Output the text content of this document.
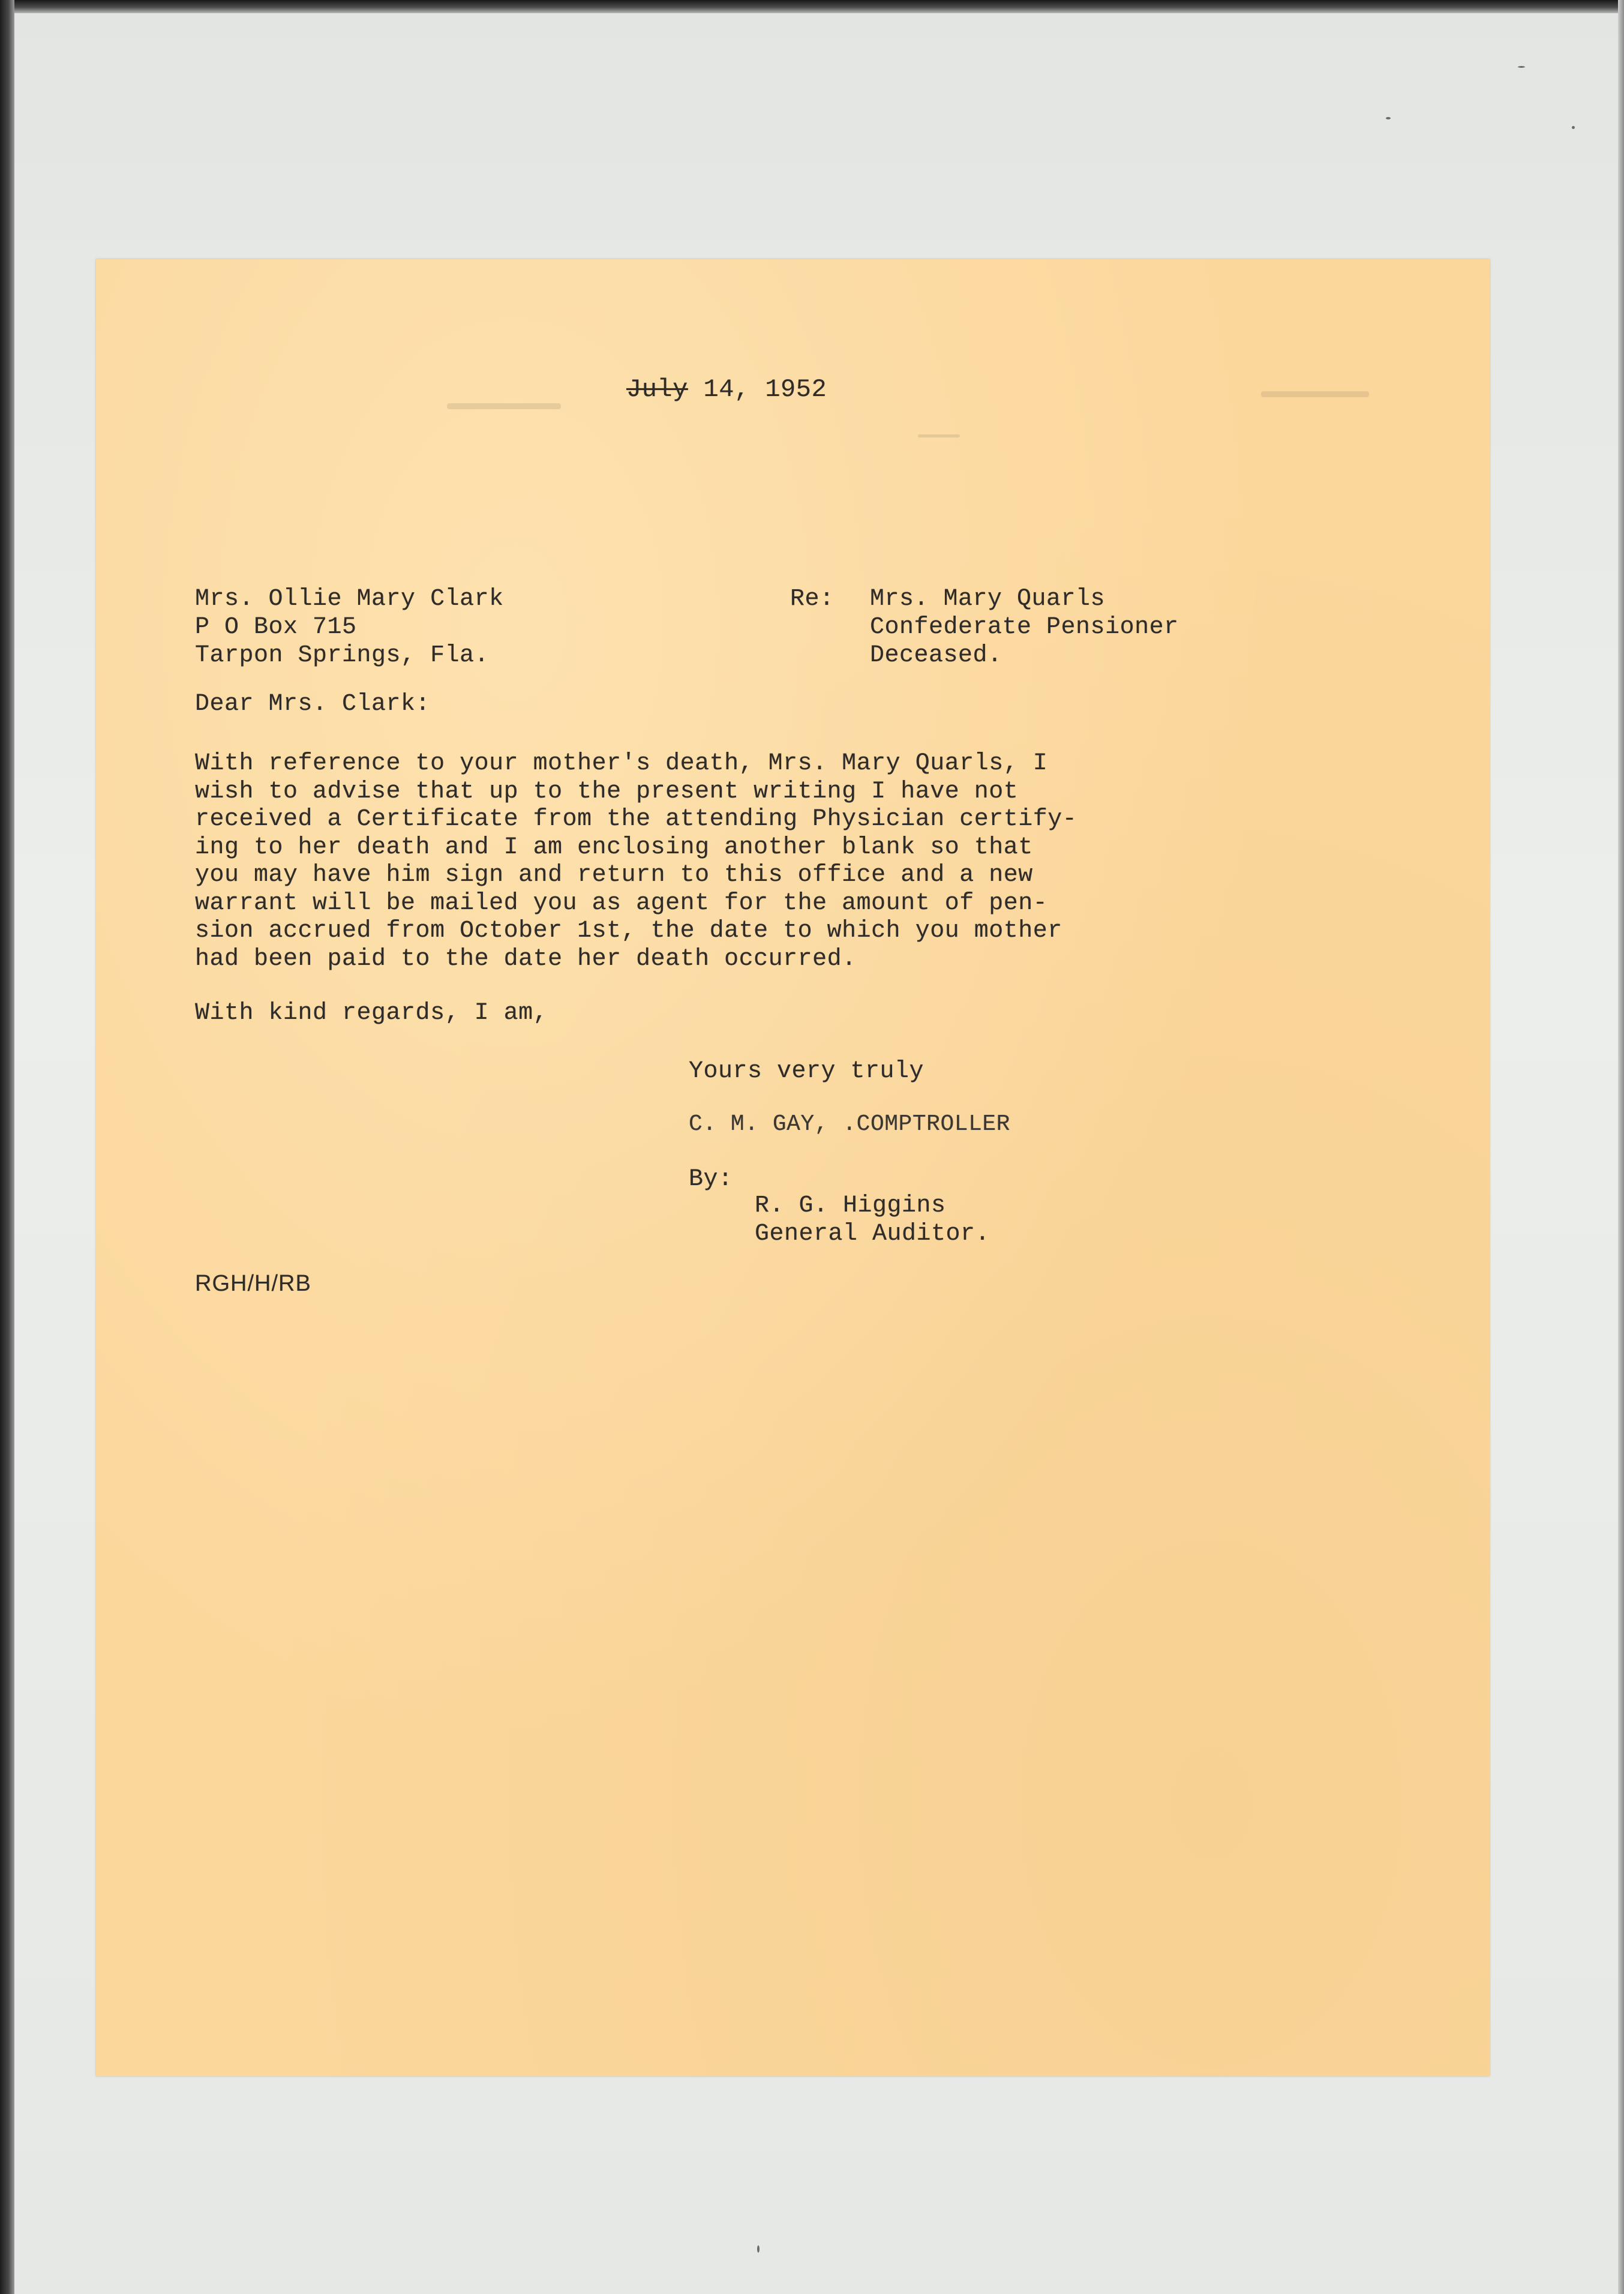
July 14, 1952
Mrs. Ollie Mary Clark
P O Box 715
Tarpon Springs, Fla.
Re: Mrs. Mary Quarls
Confederate Pensioner
Deceased.
Dear Mrs. Clark:
With reference to your mother's death, Mrs. Mary Quarls, I
wish to advise that up to the present writing I have not
received a Certificate from the attending Physician certify-
ing to her death and I am enclosing another blank so that
you may have him sign and return to this office and a new
warrant will be mailed you as agent for the amount of pen-
sion accrued from October 1st, the date to which you mother
had been paid to the date her death occurred.
With kind regards, I am,
Yours very truly
C. M. GAY, .COMPTROLLER
By:
R. G. Higgins
General Auditor.
RGH/H/RB
